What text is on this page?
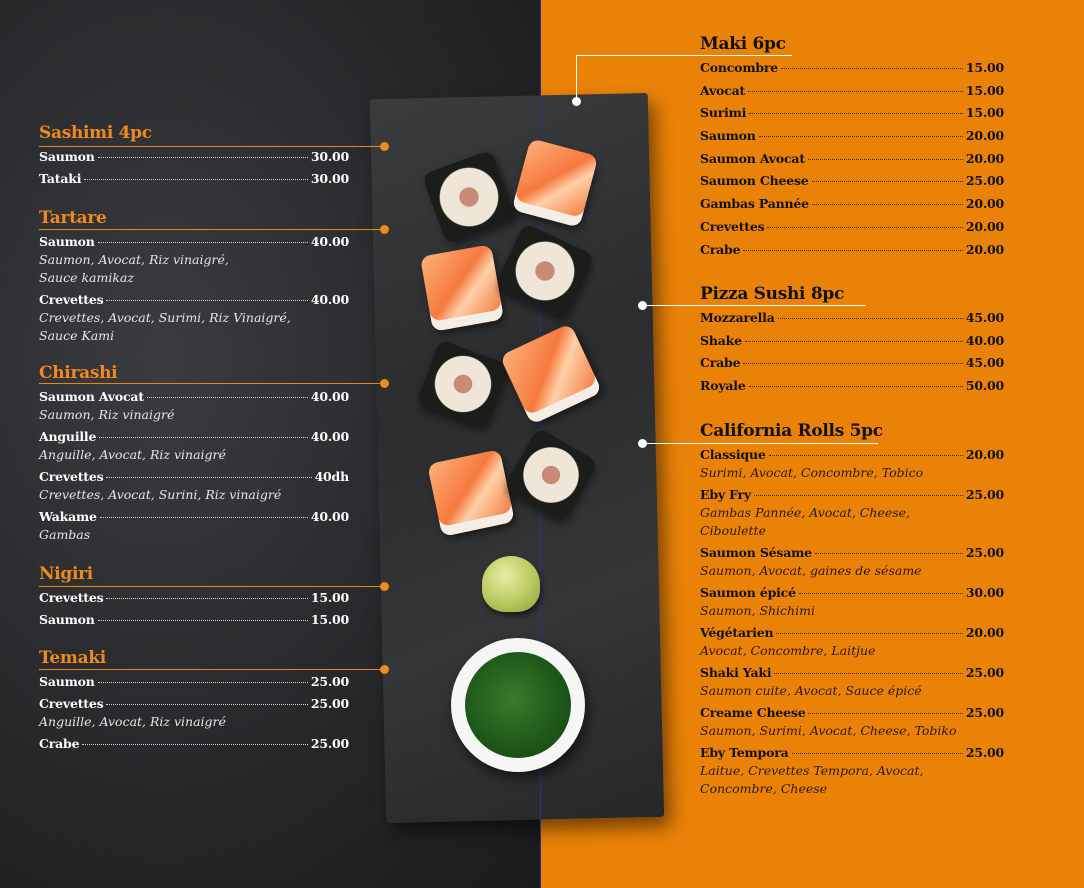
Sashimi 4pc
Saumon	30.00
Tataki	30.00
Tartare
Saumon	40.00
Saumon, Avocat, Riz vinaigré, Sauce kamikaz
Crevettes	40.00
Crevettes, Avocat, Surimi, Riz Vinaigré, Sauce Kami
Chirashi
Saumon Avocat	40.00
Saumon, Riz vinaigré
Anguille	40.00
Anguille, Avocat, Riz vinaigré
Crevettes	40dh
Crevettes, Avocat, Surini, Riz vinaigré
Wakame	40.00
Gambas
Nigiri
Crevettes	15.00
Saumon	15.00
Temaki
Saumon	25.00
Crevettes	25.00
Anguille, Avocat, Riz vinaigré
Crabe	25.00
Maki 6pc
Concombre	15.00
Avocat	15.00
Surimi	15.00
Saumon	20.00
Saumon Avocat	20.00
Saumon Cheese	25.00
Gambas Pannée	20.00
Crevettes	20.00
Crabe	20.00
Pizza Sushi 8pc
Mozzarella	45.00
Shake	40.00
Crabe	45.00
Royale	50.00
California Rolls 5pc
Classique	20.00
Surimi, Avocat, Concombre, Tobico
Eby Fry	25.00
Gambas Pannée, Avocat, Cheese, Ciboulette
Saumon Sésame	25.00
Saumon, Avocat, gaines de sésame
Saumon épicé	30.00
Saumon, Shichimi
Végétarien	20.00
Avocat, Concombre, Laitjue
Shaki Yaki	25.00
Saumon cuite, Avocat, Sauce épicé
Creame Cheese	25.00
Saumon, Surimi, Avocat, Cheese, Tobiko
Eby Tempora	25.00
Laitue, Crevettes Tempora, Avocat, Concombre, Cheese
